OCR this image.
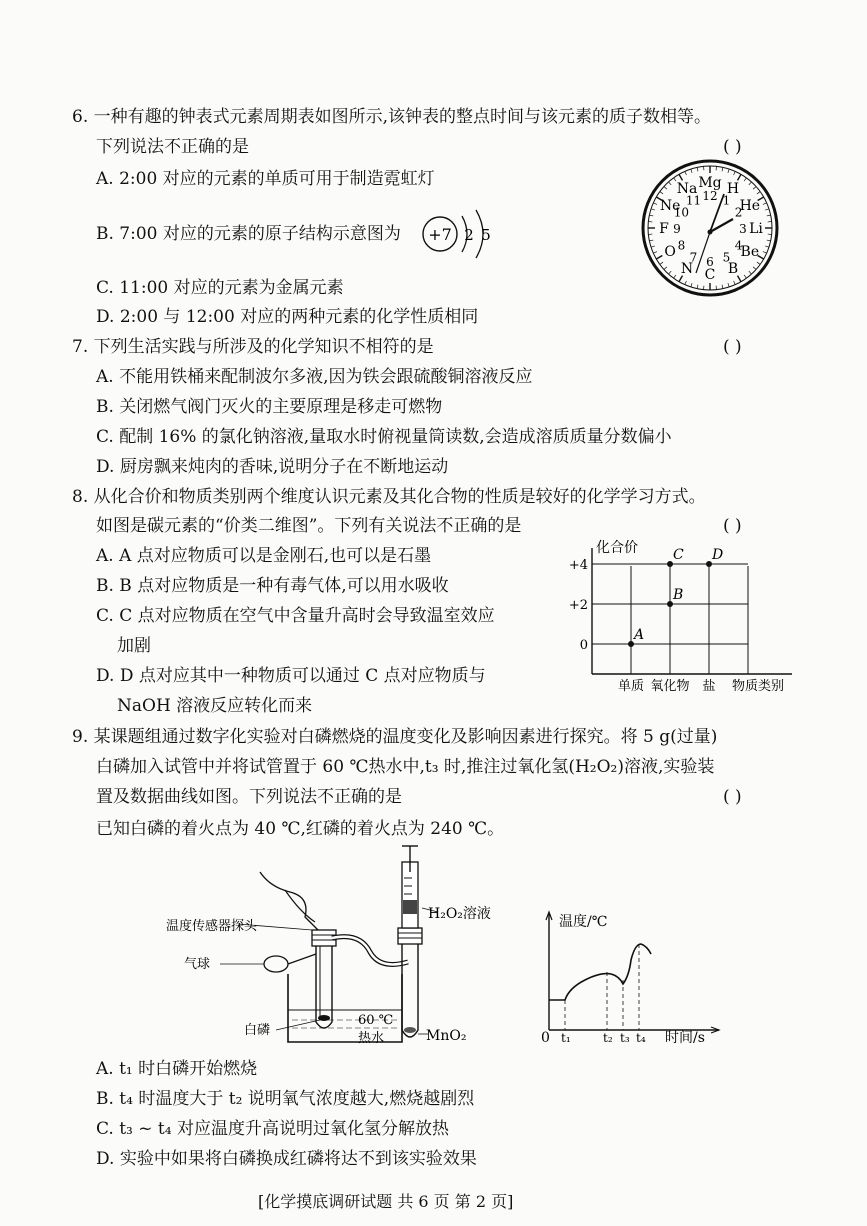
6. 一种有趣的钟表式元素周期表如图所示,该钟表的整点时间与该元素的质子数相等。
下列说法不正确的是	( )
A. 2:00 对应的元素的单质可用于制造霓虹灯
B. 7:00 对应的元素的原子结构示意图为 +7 2 5
C. 11:00 对应的元素为金属元素
D. 2:00 与 12:00 对应的两种元素的化学性质相同
12
Mg
1
H
2
He
3 Li
4
Be
5
B
6
C
7
N
8
O
9
F
10
Ne 11
Na
7. 下列生活实践与所涉及的化学知识不相符的是	( )
A. 不能用铁桶来配制波尔多液,因为铁会跟硫酸铜溶液反应
B. 关闭燃气阀门灭火的主要原理是移走可燃物
C. 配制 16% 的氯化钠溶液,量取水时俯视量筒读数,会造成溶质质量分数偏小
D. 厨房飘来炖肉的香味,说明分子在不断地运动
8. 从化合价和物质类别两个维度认识元素及其化合物的性质是较好的化学学习方式。
如图是碳元素的“价类二维图”。下列有关说法不正确的是	( )
A. A 点对应物质可以是金刚石,也可以是石墨
B. B 点对应物质是一种有毒气体,可以用水吸收
C. C 点对应物质在空气中含量升高时会导致温室效应
加剧
D. D 点对应其中一种物质可以通过 C 点对应物质与
NaOH 溶液反应转化而来
化合价
物质类别
+4
+2
0
单质 氧化物 盐
A
B
C D
9. 某课题组通过数字化实验对白磷燃烧的温度变化及影响因素进行探究。将 5 g(过量)
白磷加入试管中并将试管置于 60 ℃热水中,t₃ 时,推注过氧化氢(H₂O₂)溶液,实验装
置及数据曲线如图。下列说法不正确的是	( )
已知白磷的着火点为 40 ℃,红磷的着火点为 240 ℃。
温度传感器探头
气球
白磷
60 ℃
热水
H₂O₂溶液
MnO₂
温度/℃
时间/s
0 t₁	t₂ t₃ t₄
A. t₁ 时白磷开始燃烧
B. t₄ 时温度大于 t₂ 说明氧气浓度越大,燃烧越剧烈
C. t₃ ~ t₄ 对应温度升高说明过氧化氢分解放热
D. 实验中如果将白磷换成红磷将达不到该实验效果
[化学摸底调研试题 共 6 页 第 2 页]
